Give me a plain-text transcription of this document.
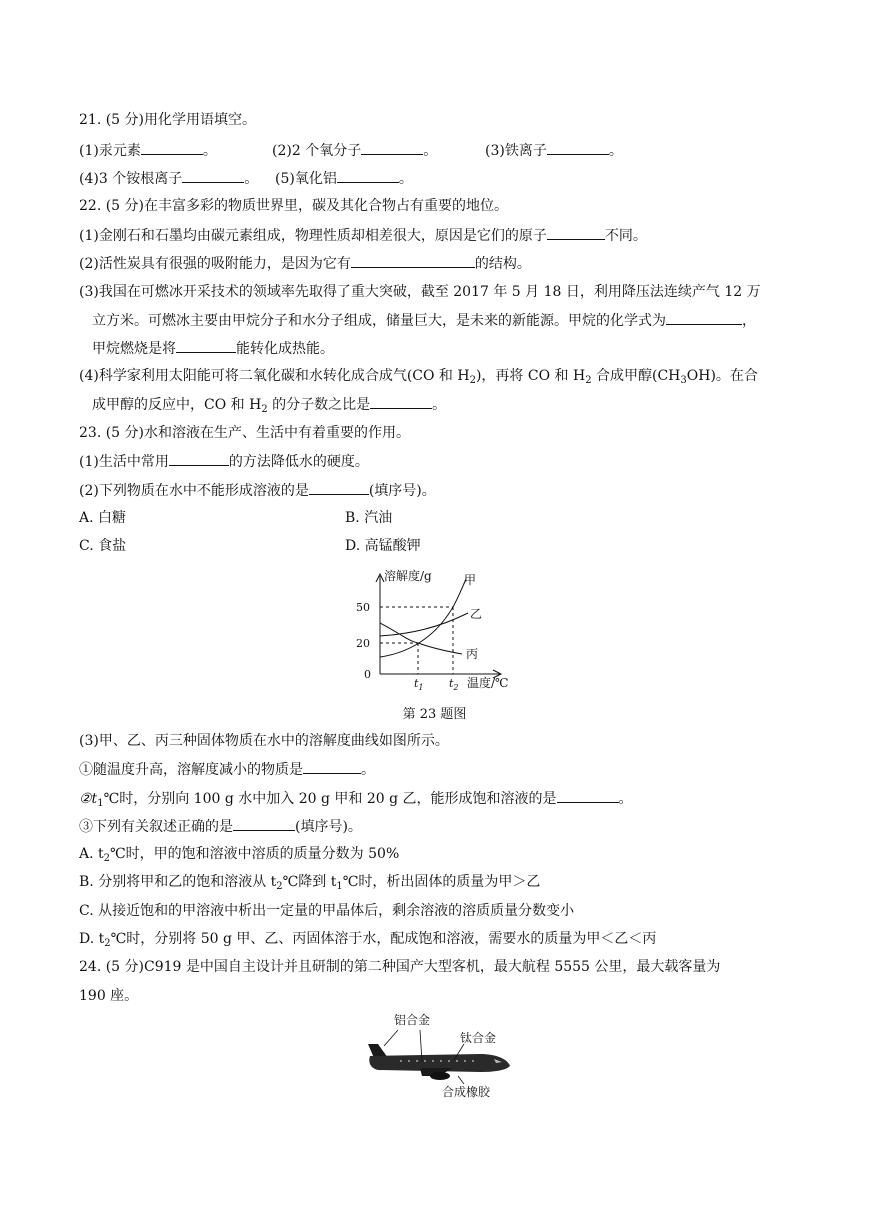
21. (5 分)用化学用语填空。
(1)汞元素	。	(2)2 个氧分子	。	(3)铁离子	。
(4)3 个铵根离子	。 (5)氧化铝	。
22. (5 分)在丰富多彩的物质世界里，碳及其化合物占有重要的地位。
(1)金刚石和石墨均由碳元素组成，物理性质却相差很大，原因是它们的原子	不同。
(2)活性炭具有很强的吸附能力，是因为它有	的结构。
(3)我国在可燃冰开采技术的领域率先取得了重大突破，截至 2017 年 5 月 18 日，利用降压法连续产气 12 万
立方米。可燃冰主要由甲烷分子和水分子组成，储量巨大，是未来的新能源。甲烷的化学式为	，
甲烷燃烧是将	能转化成热能。
(4)科学家利用太阳能可将二氧化碳和水转化成合成气(CO 和 $H_2$)，再将 CO 和 $H_2$ 合成甲醇$(CH_3OH)$。在合
成甲醇的反应中，CO 和 $H_2$ 的分子数之比是	。
23. (5 分)水和溶液在生产、生活中有着重要的作用。
(1)生活中常用	的方法降低水的硬度。
(2)下列物质在水中不能形成溶液的是	(填序号)。
A. 白糖	B. 汽油
C. 食盐	D. 高锰酸钾
溶解度/g	甲
乙
丙
50
20
0
$t_1$ $t_2$ 温度/℃
第 23 题图
(3)甲、乙、丙三种固体物质在水中的溶解度曲线如图所示。
①随温度升高，溶解度减小的物质是	。
$②t_1℃$时，分别向 100 g 水中加入 20 g 甲和 20 g 乙，能形成饱和溶液的是	。
③下列有关叙述正确的是	(填序号)。
A. $t_2℃$时，甲的饱和溶液中溶质的质量分数为 50%
B. 分别将甲和乙的饱和溶液从 $t_2℃$降到 $t_1℃$时，析出固体的质量为甲＞乙
C. 从接近饱和的甲溶液中析出一定量的甲晶体后，剩余溶液的溶质质量分数变小
D. $t_2℃$时，分别将 50 g 甲、乙、丙固体溶于水，配成饱和溶液，需要水的质量为甲＜乙＜丙
24. (5 分)C919 是中国自主设计并且研制的第二种国产大型客机，最大航程 5555 公里，最大载客量为
190 座。
铝合金
钛合金
合成橡胶
